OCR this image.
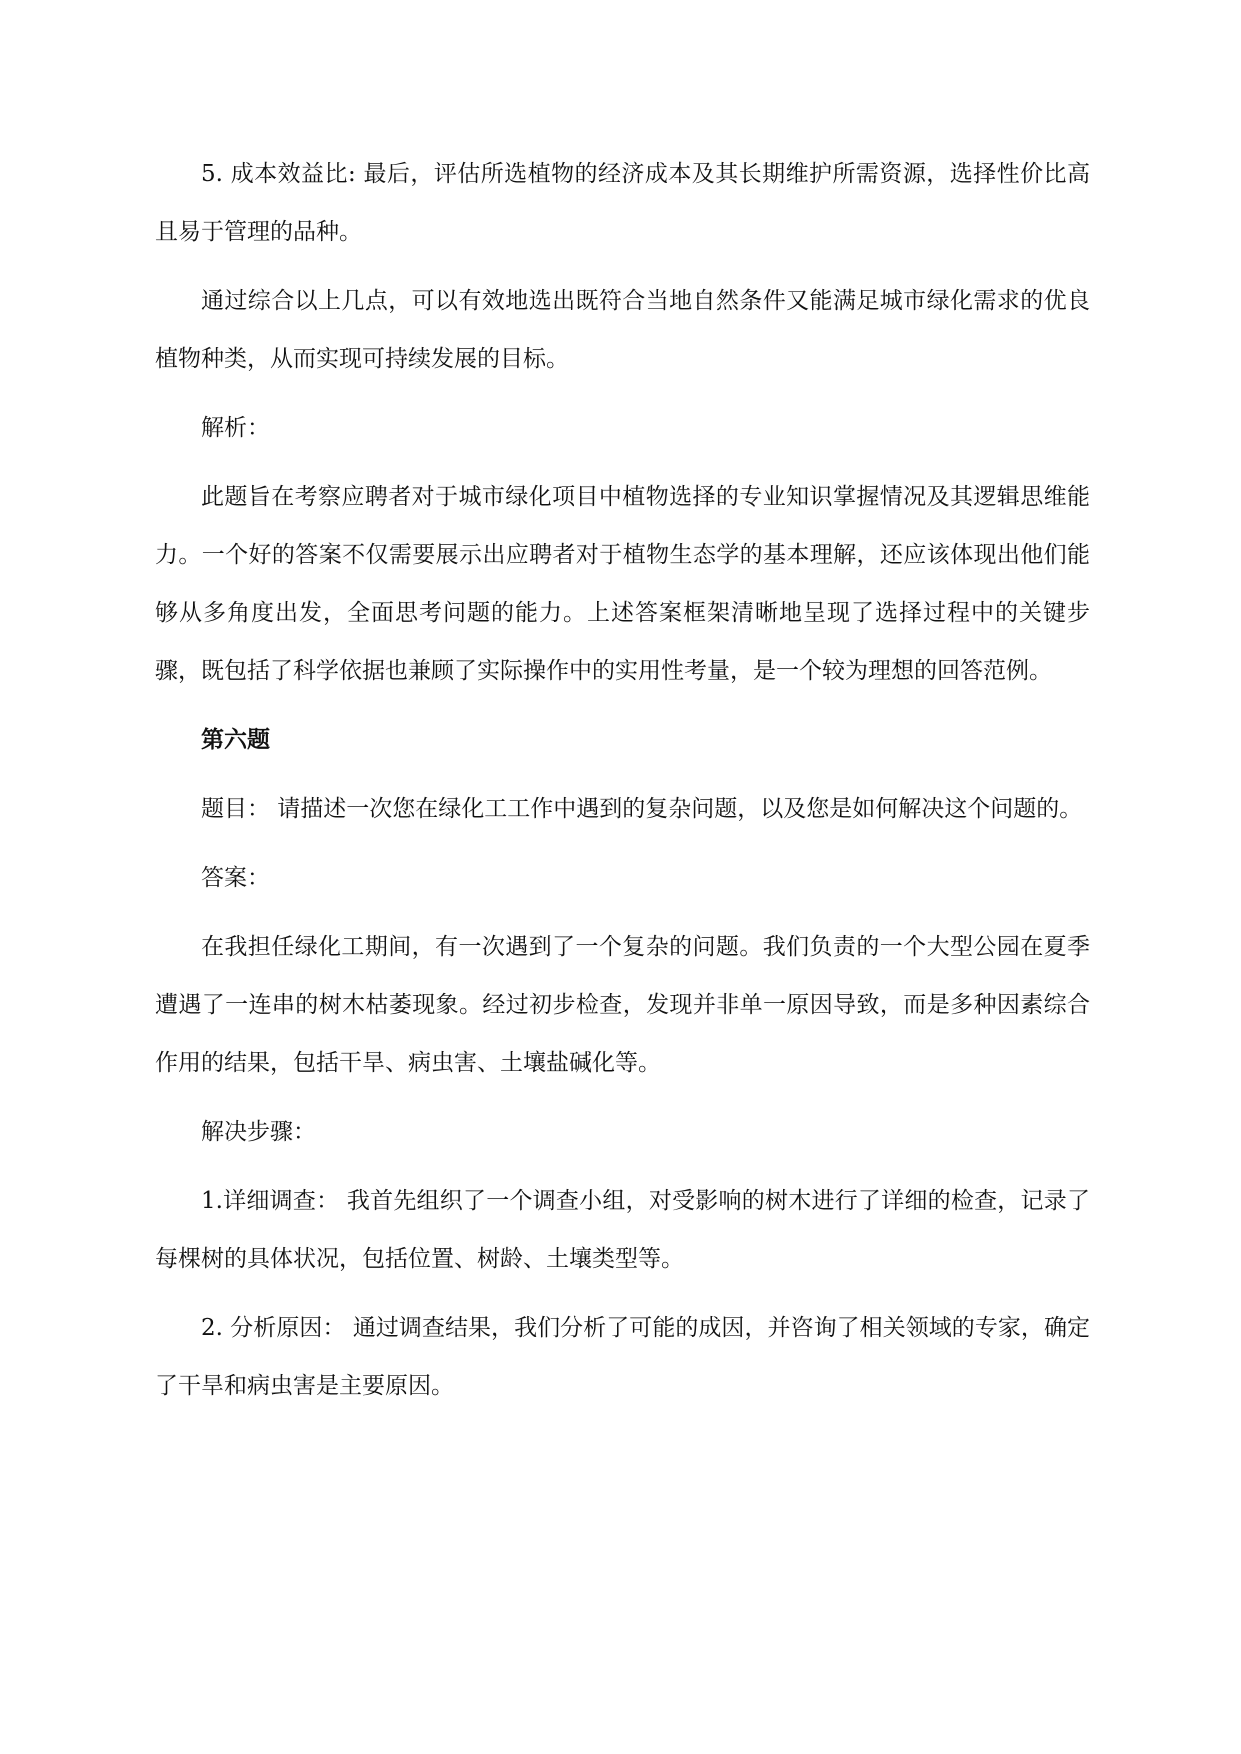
5. 成本效益比: 最后，评估所选植物的经济成本及其长期维护所需资源，选择性价比高且易于管理的品种。

通过综合以上几点，可以有效地选出既符合当地自然条件又能满足城市绿化需求的优良植物种类，从而实现可持续发展的目标。

解析：

此题旨在考察应聘者对于城市绿化项目中植物选择的专业知识掌握情况及其逻辑思维能力。一个好的答案不仅需要展示出应聘者对于植物生态学的基本理解，还应该体现出他们能够从多角度出发，全面思考问题的能力。上述答案框架清晰地呈现了选择过程中的关键步骤，既包括了科学依据也兼顾了实际操作中的实用性考量，是一个较为理想的回答范例。

第六题

题目： 请描述一次您在绿化工工作中遇到的复杂问题，以及您是如何解决这个问题的。

答案：

在我担任绿化工期间，有一次遇到了一个复杂的问题。我们负责的一个大型公园在夏季遭遇了一连串的树木枯萎现象。经过初步检查，发现并非单一原因导致，而是多种因素综合作用的结果，包括干旱、病虫害、土壤盐碱化等。

解决步骤：

1.详细调查： 我首先组织了一个调查小组，对受影响的树木进行了详细的检查，记录了每棵树的具体状况，包括位置、树龄、土壤类型等。

2. 分析原因： 通过调查结果，我们分析了可能的成因，并咨询了相关领域的专家，确定了干旱和病虫害是主要原因。
